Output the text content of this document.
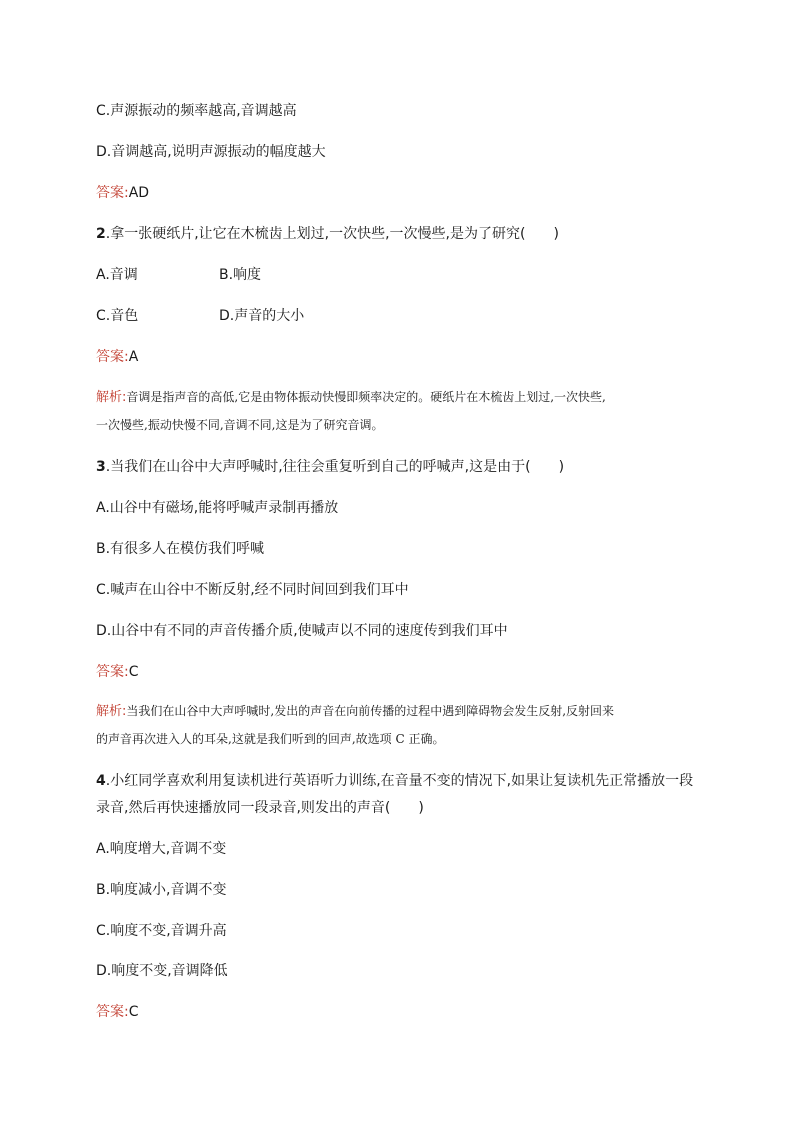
C.声源振动的频率越高,音调越高
D.音调越高,说明声源振动的幅度越大
答案:AD
2.拿一张硬纸片,让它在木梳齿上划过,一次快些,一次慢些,是为了研究( )
A.音调	B.响度
C.音色	D.声音的大小
答案:A
解析:音调是指声音的高低,它是由物体振动快慢即频率决定的。硬纸片在木梳齿上划过,一次快些,
一次慢些,振动快慢不同,音调不同,这是为了研究音调。
3.当我们在山谷中大声呼喊时,往往会重复听到自己的呼喊声,这是由于( )
A.山谷中有磁场,能将呼喊声录制再播放
B.有很多人在模仿我们呼喊
C.喊声在山谷中不断反射,经不同时间回到我们耳中
D.山谷中有不同的声音传播介质,使喊声以不同的速度传到我们耳中
答案:C
解析:当我们在山谷中大声呼喊时,发出的声音在向前传播的过程中遇到障碍物会发生反射,反射回来
的声音再次进入人的耳朵,这就是我们听到的回声,故选项 C 正确。
4.小红同学喜欢利用复读机进行英语听力训练,在音量不变的情况下,如果让复读机先正常播放一段
录音,然后再快速播放同一段录音,则发出的声音( )
A.响度增大,音调不变
B.响度减小,音调不变
C.响度不变,音调升高
D.响度不变,音调降低
答案:C
